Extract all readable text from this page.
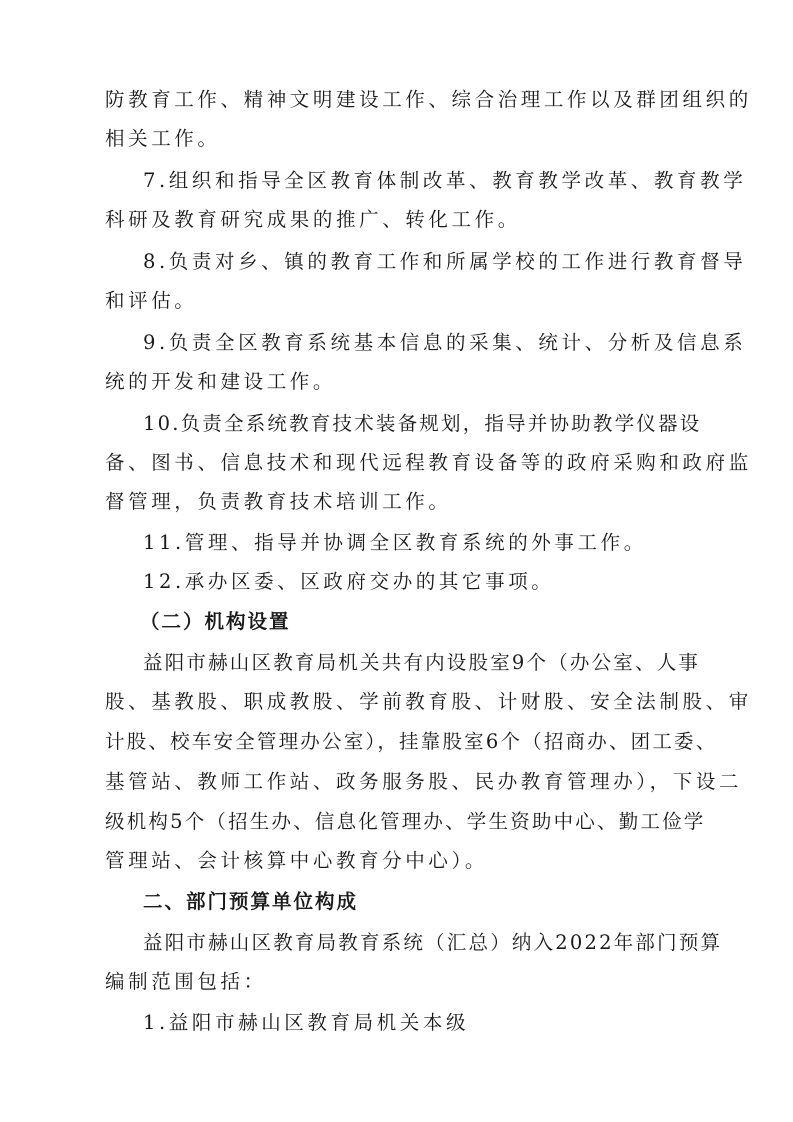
防教育工作、精神文明建设工作、综合治理工作以及群团组织的
相关工作。
7.组织和指导全区教育体制改革、教育教学改革、教育教学
科研及教育研究成果的推广、转化工作。
8.负责对乡、镇的教育工作和所属学校的工作进行教育督导
和评估。
9.负责全区教育系统基本信息的采集、统计、分析及信息系
统的开发和建设工作。
10.负责全系统教育技术装备规划，指导并协助教学仪器设
备、图书、信息技术和现代远程教育设备等的政府采购和政府监
督管理，负责教育技术培训工作。
11.管理、指导并协调全区教育系统的外事工作。
12.承办区委、区政府交办的其它事项。
（二）机构设置
益阳市赫山区教育局机关共有内设股室9个（办公室、人事
股、基教股、职成教股、学前教育股、计财股、安全法制股、审
计股、校车安全管理办公室），挂靠股室6个（招商办、团工委、
基管站、教师工作站、政务服务股、民办教育管理办），下设二
级机构5个（招生办、信息化管理办、学生资助中心、勤工俭学
管理站、会计核算中心教育分中心）。
二、部门预算单位构成
益阳市赫山区教育局教育系统（汇总）纳入2022年部门预算
编制范围包括：
1.益阳市赫山区教育局机关本级
